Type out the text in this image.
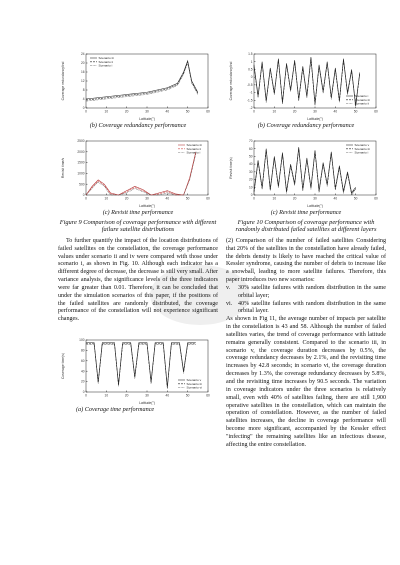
0	10	20	30	40	50	60
0
4
8
12
16
20
24
Latitude(°)
Coverage redundancy/ind
Scenario iii
Scenario ii
Scenario i

(b) Coverage redundancy performance

0	10	20	30	40	50	60
0
500
1000
1500
2000
2500
Latitude(°)
Revisit time/s
Scenario iii
Scenario ii
Scenario i

(c) Revisit time performance

Figure 9 Comparison of coverage performance with different failure satellite distributions

To further quantify the impact of the location distributions of failed satellites on the constellation, the coverage performance values under scenario ii and iv were compared with those under scenario i, as shown in Fig. 10. Although each indicator has a different degree of decrease, the decrease is still very small. After variance analysis, the significance levels of the three indicators were far greater than 0.01. Therefore, it can be concluded that under the simulation scenarios of this paper, if the positions of the failed satellites are randomly distributed, the coverage performance of the constellation will not experience significant changes.

0	10	20	30	40	50	60
0
20
40
60
80
100
Latitude(°)
Coverage time(s)
Scenario v
Scenario iii
Scenario vi

(a) Coverage time performance

0	10	20	30	40	50	60
-2
-1.5
-1
-0.5
0
0.5
1
1.5
Latitude(°)
Coverage redundancy/ind	Scenario i
Scenario iii
Scenario ii

(b) Coverage redundancy performance

0	10	20	30	40	50	60
0
10
20
30
40
50
60
70
Latitude(°)
Revisit time(s)
Scenario v
Scenario iii
Scenario i

(c) Revisit time performance

Figure 10 Comparison of coverage performance with randomly distributed failed satellites at different layers

(2) Comparison of the number of failed satellites Considering that 20% of the satellites in the constellation have already failed, the debris density is likely to have reached the critical value of Kessler syndrome, causing the number of debris to increase like a snowball, leading to more satellite failures. Therefore, this paper introduces two new scenarios:

v.	30% satellite failures with random distribution in the same orbital layer;
vi. 40% satellite failures with random distribution in the same orbital layer.

As shown in Fig 11, the average number of impacts per satellite in the constellation is 43 and 58. Although the number of failed satellites varies, the trend of coverage performance with latitude remains generally consistent. Compared to the scenario iii, in scenario v, the coverage duration decreases by 0.5%, the coverage redundancy decreases by 2.1%, and the revisiting time increases by 42.8 seconds; in scenario vi, the coverage duration decreases by 1.3%, the coverage redundancy decreases by 5.8%, and the revisiting time increases by 90.5 seconds. The variation in coverage indicators under the three scenarios is relatively small, even with 40% of satellites failing, there are still 1,900 operative satellites in the constellation, which can maintain the operation of constellation. However, as the number of failed satellites increases, the decline in coverage performance will become more significant, accompanied by the Kessler effect "infecting" the remaining satellites like an infectious disease, affecting the entire constellation.
